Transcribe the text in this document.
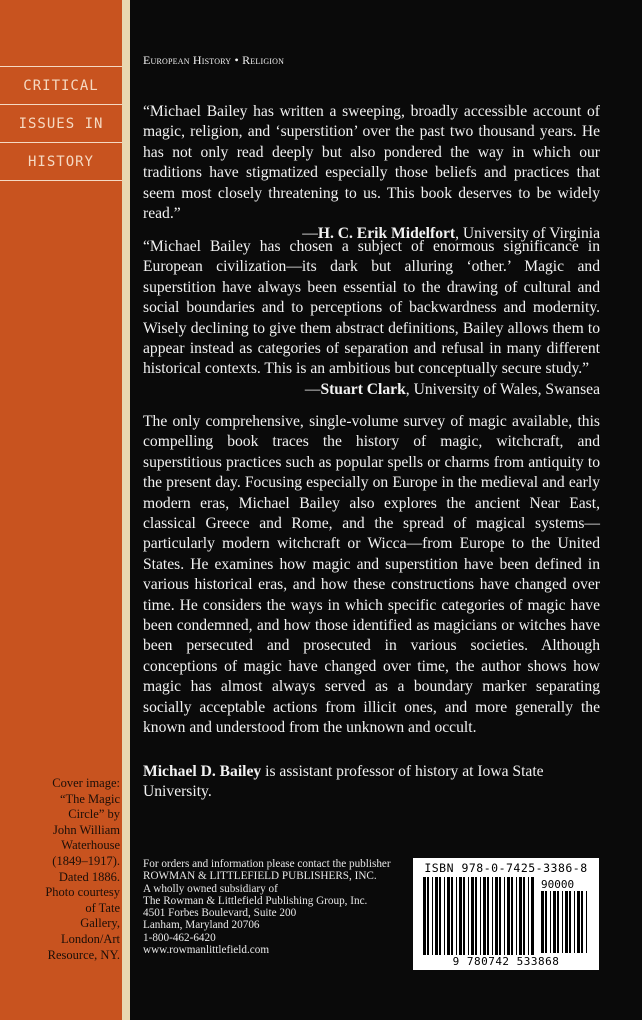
CRITICAL
ISSUES IN
HISTORY
Cover image:
“The Magic
Circle” by
John William
Waterhouse
(1849–1917).
Dated 1886.
Photo courtesy
of Tate
Gallery,
London/Art
Resource, NY.
European History • Religion

“Michael Bailey has written a sweeping, broadly accessible account of magic, religion, and ‘superstition’ over the past two thousand years. He has not only read deeply but also pondered the way in which our traditions have stigmatized especially those beliefs and practices that seem most closely threatening to us. This book deserves to be widely read.”

—H. C. Erik Midelfort, University of Virginia

“Michael Bailey has chosen a subject of enormous significance in European civilization—its dark but alluring ‘other.’ Magic and superstition have always been essential to the drawing of cultural and social boundaries and to perceptions of backwardness and modernity. Wisely declining to give them abstract definitions, Bailey allows them to appear instead as categories of separation and refusal in many different historical contexts. This is an ambitious but conceptually secure study.”

—Stuart Clark, University of Wales, Swansea

The only comprehensive, single-volume survey of magic available, this compelling book traces the history of magic, witchcraft, and superstitious practices such as popular spells or charms from antiquity to the present day. Focusing especially on Europe in the medieval and early modern eras, Michael Bailey also explores the ancient Near East, classical Greece and Rome, and the spread of magical systems—particularly modern witchcraft or Wicca—from Europe to the United States. He examines how magic and superstition have been defined in various historical eras, and how these constructions have changed over time. He considers the ways in which specific categories of magic have been condemned, and how those identified as magicians or witches have been persecuted and prosecuted in various societies. Although conceptions of magic have changed over time, the author shows how magic has almost always served as a boundary marker separating socially acceptable actions from illicit ones, and more generally the known and understood from the unknown and occult.

Michael D. Bailey is assistant professor of history at Iowa State University.

For orders and information please contact the publisher
ROWMAN & LITTLEFIELD PUBLISHERS, INC.
A wholly owned subsidiary of
The Rowman & Littlefield Publishing Group, Inc.
4501 Forbes Boulevard, Suite 200
Lanham, Maryland 20706
1-800-462-6420
www.rowmanlittlefield.com
ISBN 978-0-7425-3386-8
90000
9 780742 533868
